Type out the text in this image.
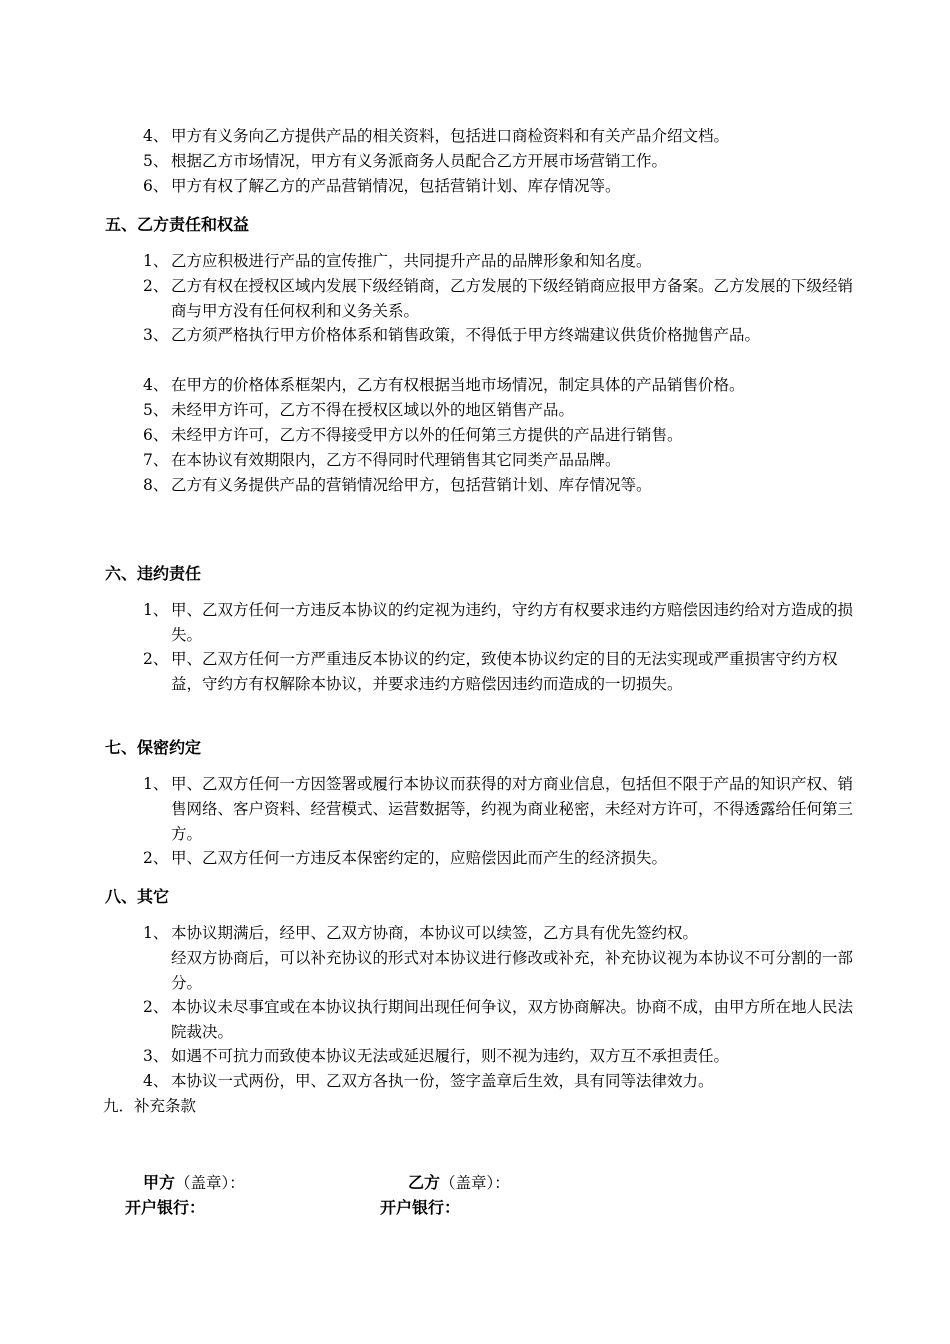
4、 甲方有义务向乙方提供产品的相关资料，包括进口商检资料和有关产品介绍文档。
5、 根据乙方市场情况，甲方有义务派商务人员配合乙方开展市场营销工作。
6、 甲方有权了解乙方的产品营销情况，包括营销计划、库存情况等。
五、乙方责任和权益
1、 乙方应积极进行产品的宣传推广，共同提升产品的品牌形象和知名度。
2、 乙方有权在授权区域内发展下级经销商，乙方发展的下级经销商应报甲方备案。乙方发展的下级经销商与甲方没有任何权利和义务关系。
3、 乙方须严格执行甲方价格体系和销售政策，不得低于甲方终端建议供货价格抛售产品。
4、 在甲方的价格体系框架内，乙方有权根据当地市场情况，制定具体的产品销售价格。
5、 未经甲方许可，乙方不得在授权区域以外的地区销售产品。
6、 未经甲方许可，乙方不得接受甲方以外的任何第三方提供的产品进行销售。
7、 在本协议有效期限内，乙方不得同时代理销售其它同类产品品牌。
8、 乙方有义务提供产品的营销情况给甲方，包括营销计划、库存情况等。
六、违约责任
1、 甲、乙双方任何一方违反本协议的约定视为违约，守约方有权要求违约方赔偿因违约给对方造成的损失。
2、 甲、乙双方任何一方严重违反本协议的约定，致使本协议约定的目的无法实现或严重损害守约方权益，守约方有权解除本协议，并要求违约方赔偿因违约而造成的一切损失。
七、保密约定
1、 甲、乙双方任何一方因签署或履行本协议而获得的对方商业信息，包括但不限于产品的知识产权、销售网络、客户资料、经营模式、运营数据等，约视为商业秘密，未经对方许可，不得透露给任何第三方。
2、 甲、乙双方任何一方违反本保密约定的，应赔偿因此而产生的经济损失。
八、其它
1、 本协议期满后，经甲、乙双方协商，本协议可以续签，乙方具有优先签约权。
经双方协商后，可以补充协议的形式对本协议进行修改或补充，补充协议视为本协议不可分割的一部分。
2、 本协议未尽事宜或在本协议执行期间出现任何争议，双方协商解决。协商不成，由甲方所在地人民法院裁决。
3、 如遇不可抗力而致使本协议无法或延迟履行，则不视为违约，双方互不承担责任。
4、 本协议一式两份，甲、乙双方各执一份，签字盖章后生效，具有同等法律效力。
九．补充条款
甲方（盖章）：	乙方（盖章）：
开户银行：	开户银行：
